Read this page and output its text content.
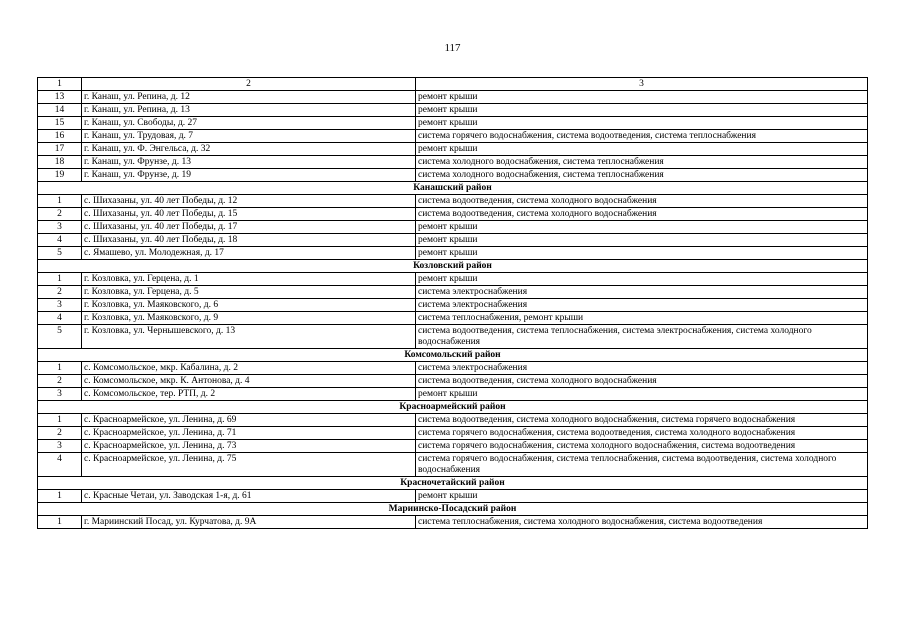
117
1	2	3
13	г. Канаш, ул. Репина, д. 12	ремонт крыши
14	г. Канаш, ул. Репина, д. 13	ремонт крыши
15	г. Канаш, ул. Свободы, д. 27	ремонт крыши
16	г. Канаш, ул. Трудовая, д. 7	система горячего водоснабжения, система водоотведения, система теплоснабжения
17	г. Канаш, ул. Ф. Энгельса, д. 32	ремонт крыши
18	г. Канаш, ул. Фрунзе, д. 13	система холодного водоснабжения, система теплоснабжения
19	г. Канаш, ул. Фрунзе, д. 19	система холодного водоснабжения, система теплоснабжения
Канашский район		
1	с. Шихазаны, ул. 40 лет Победы, д. 12	система водоотведения, система холодного водоснабжения
2	с. Шихазаны, ул. 40 лет Победы, д. 15	система водоотведения, система холодного водоснабжения
3	с. Шихазаны, ул. 40 лет Победы, д. 17	ремонт крыши
4	с. Шихазаны, ул. 40 лет Победы, д. 18	ремонт крыши
5	с. Ямашево, ул. Молодежная, д. 17	ремонт крыши
Козловский район		
1	г. Козловка, ул. Герцена, д. 1	ремонт крыши
2	г. Козловка, ул. Герцена, д. 5	система электроснабжения
3	г. Козловка, ул. Маяковского, д. 6	система электроснабжения
4	г. Козловка, ул. Маяковского, д. 9	система теплоснабжения, ремонт крыши
5	г. Козловка, ул. Чернышевского, д. 13	система водоотведения, система теплоснабжения, система электроснабжения, система холодного водоснабжения
Комсомольский район		
1	с. Комсомольское, мкр. Кабалина, д. 2	система электроснабжения
2	с. Комсомольское, мкр. К. Антонова, д. 4	система водоотведения, система холодного водоснабжения
3	с. Комсомольское, тер. РТП, д. 2	ремонт крыши
Красноармейский район		
1	с. Красноармейское, ул. Ленина, д. 69	система водоотведения, система холодного водоснабжения, система горячего водоснабжения
2	с. Красноармейское, ул. Ленина, д. 71	система горячего водоснабжения, система водоотведения, система холодного водоснабжения
3	с. Красноармейское, ул. Ленина, д. 73	система горячего водоснабжения, система холодного водоснабжения, система водоотведения
4	с. Красноармейское, ул. Ленина, д. 75	система горячего водоснабжения, система теплоснабжения, система водоотведения, система холодного водоснабжения
Красночетайский район		
1	с. Красные Четаи, ул. Заводская 1-я, д. 61	ремонт крыши
Мариинско-Посадский район		
1	г. Мариинский Посад, ул. Курчатова, д. 9А	система теплоснабжения, система холодного водоснабжения, система водоотведения
